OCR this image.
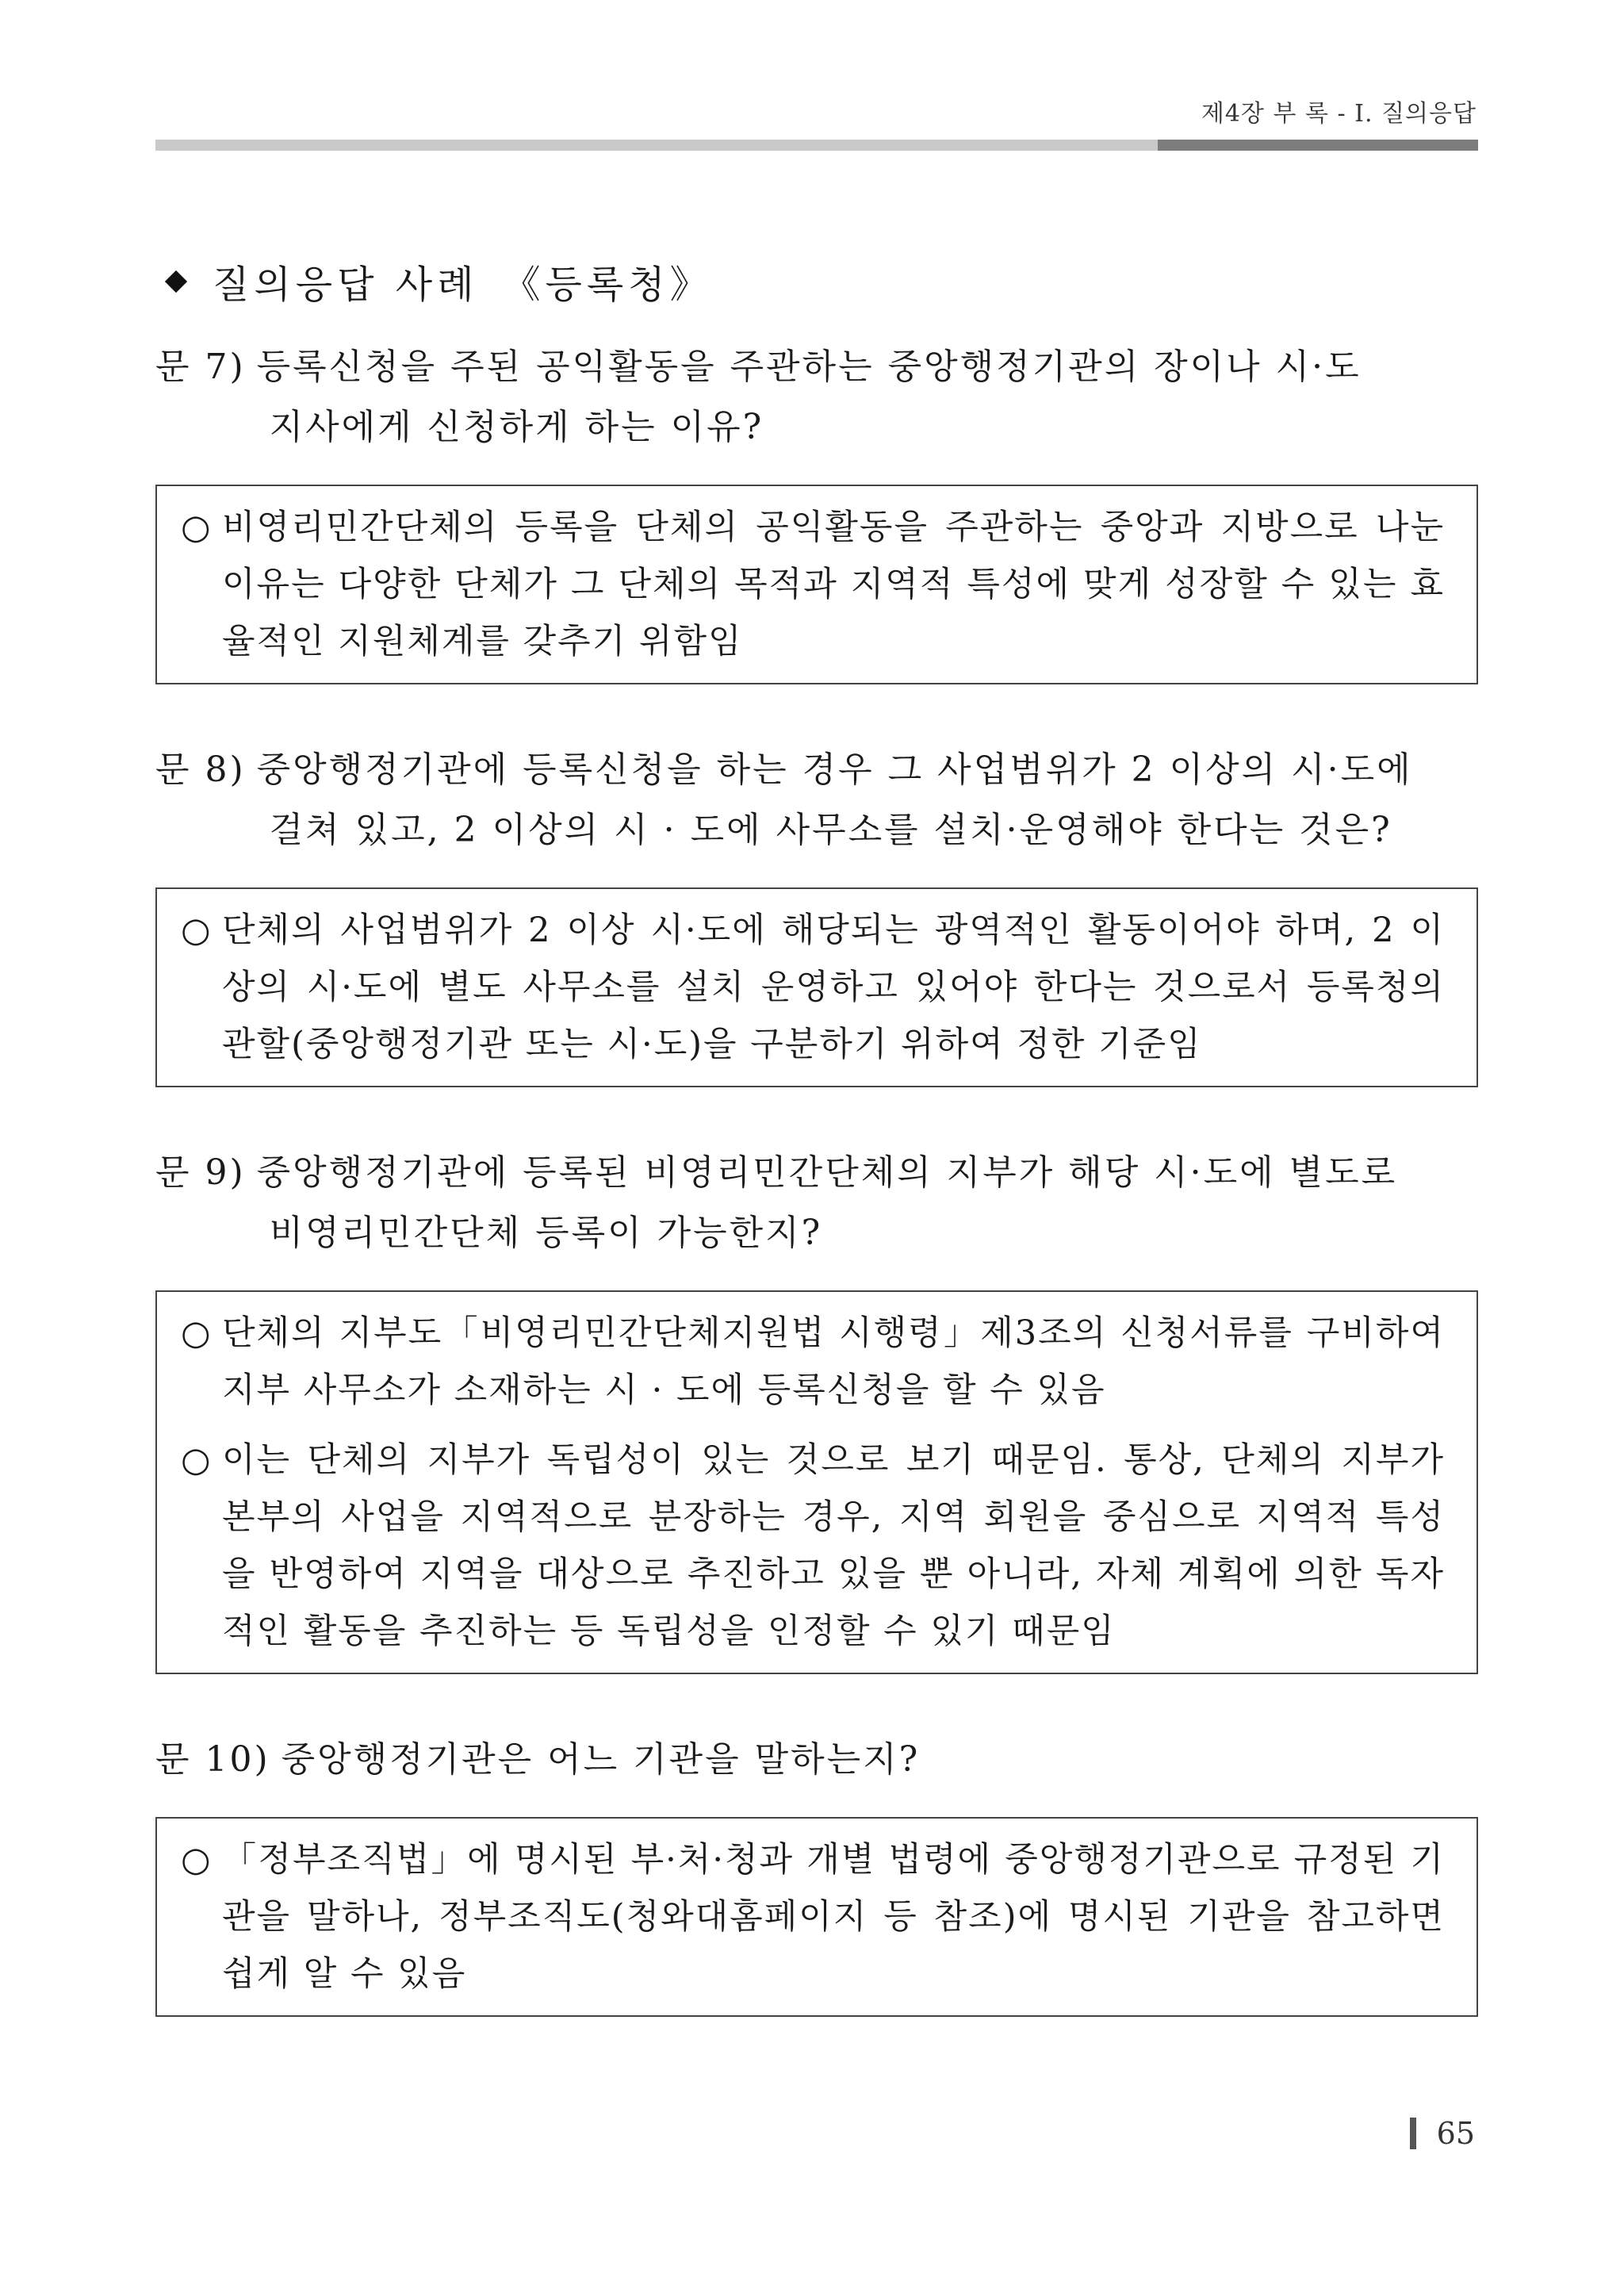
제4장 부 록 - Ⅰ. 질의응답
질의응답 사례 《등록청》
문 7) 등록신청을 주된 공익활동을 주관하는 중앙행정기관의 장이나 시·도
지사에게 신청하게 하는 이유?
○ 비영리민간단체의 등록을 단체의 공익활동을 주관하는 중앙과 지방으로 나눈 이유는 다양한 단체가 그 단체의 목적과 지역적 특성에 맞게 성장할 수 있는 효율적인 지원체계를 갖추기 위함임
문 8) 중앙행정기관에 등록신청을 하는 경우 그 사업범위가 2 이상의 시·도에
걸쳐 있고, 2 이상의 시 · 도에 사무소를 설치·운영해야 한다는 것은?
○ 단체의 사업범위가 2 이상 시·도에 해당되는 광역적인 활동이어야 하며, 2 이상의 시·도에 별도 사무소를 설치 운영하고 있어야 한다는 것으로서 등록청의 관할(중앙행정기관 또는 시·도)을 구분하기 위하여 정한 기준임
문 9) 중앙행정기관에 등록된 비영리민간단체의 지부가 해당 시·도에 별도로
비영리민간단체 등록이 가능한지?
○ 단체의 지부도「비영리민간단체지원법 시행령」제3조의 신청서류를 구비하여 지부 사무소가 소재하는 시 · 도에 등록신청을 할 수 있음
○ 이는 단체의 지부가 독립성이 있는 것으로 보기 때문임. 통상, 단체의 지부가 본부의 사업을 지역적으로 분장하는 경우, 지역 회원을 중심으로 지역적 특성을 반영하여 지역을 대상으로 추진하고 있을 뿐 아니라, 자체 계획에 의한 독자적인 활동을 추진하는 등 독립성을 인정할 수 있기 때문임
문 10) 중앙행정기관은 어느 기관을 말하는지?
○ 「정부조직법」에 명시된 부·처·청과 개별 법령에 중앙행정기관으로 규정된 기관을 말하나, 정부조직도(청와대홈페이지 등 참조)에 명시된 기관을 참고하면 쉽게 알 수 있음
65
